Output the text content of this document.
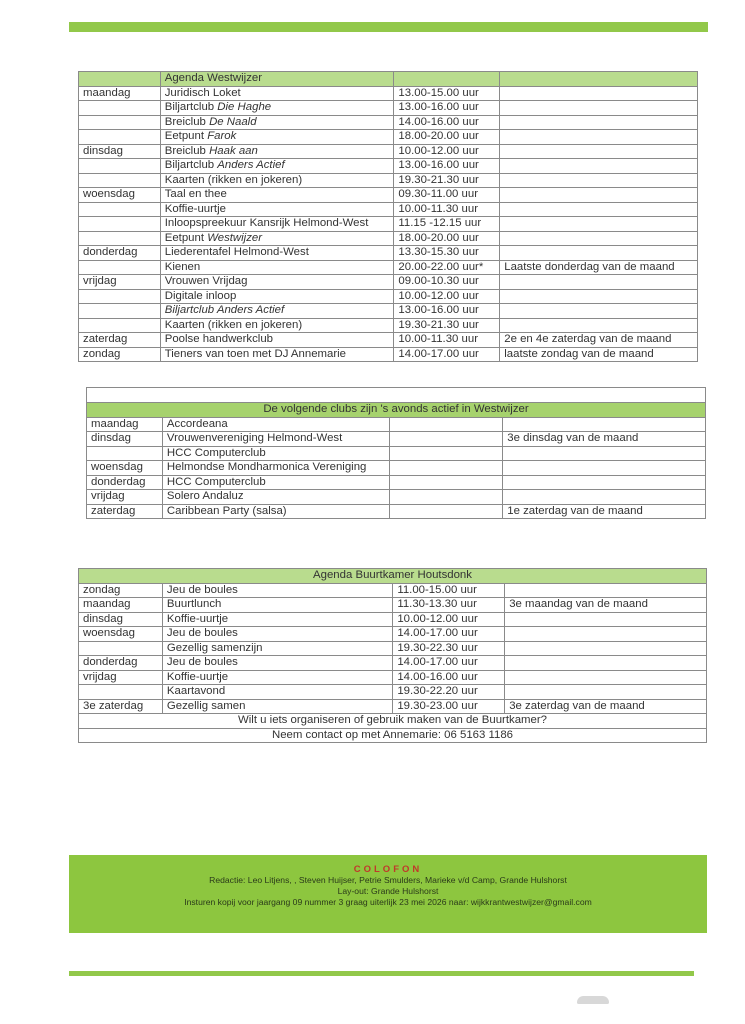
	Agenda Westwijzer		
maandag	Juridisch Loket	13.00-15.00 uur	
	Biljartclub Die Haghe	13.00-16.00 uur	
	Breiclub De Naald	14.00-16.00 uur	
	Eetpunt Farok	18.00-20.00 uur	
dinsdag	Breiclub Haak aan	10.00-12.00 uur	
	Biljartclub Anders Actief	13.00-16.00 uur	
	Kaarten (rikken en jokeren)	19.30-21.30 uur	
woensdag	Taal en thee	09.30-11.00 uur	
	Koffie-uurtje	10.00-11.30 uur	
	Inloopspreekuur Kansrijk Helmond-West	11.15 -12.15 uur	
	Eetpunt Westwijzer	18.00-20.00 uur	
donderdag	Liederentafel Helmond-West	13.30-15.30 uur	
	Kienen	20.00-22.00 uur*	Laatste donderdag van de maand
vrijdag	Vrouwen Vrijdag	09.00-10.30 uur	
	Digitale inloop	10.00-12.00 uur	
	Biljartclub Anders Actief	13.00-16.00 uur	
	Kaarten (rikken en jokeren)	19.30-21.30 uur	
zaterdag	Poolse handwerkclub	10.00-11.30 uur	2e en 4e zaterdag van de maand
zondag	Tieners van toen met DJ Annemarie	14.00-17.00 uur	laatste zondag van de maand

De volgende clubs zijn 's avonds actief in Westwijzer			
maandag	Accordeana		
dinsdag	Vrouwenvereniging Helmond-West		3e dinsdag van de maand
	HCC Computerclub		
woensdag	Helmondse Mondharmonica Vereniging		
donderdag	HCC Computerclub		
vrijdag	Solero Andaluz		
zaterdag	Caribbean Party (salsa)		1e zaterdag van de maand
Agenda Buurtkamer Houtsdonk			
zondag	Jeu de boules	11.00-15.00 uur	
maandag	Buurtlunch	11.30-13.30 uur	3e maandag van de maand
dinsdag	Koffie-uurtje	10.00-12.00 uur	
woensdag	Jeu de boules	14.00-17.00 uur	
	Gezellig samenzijn	19.30-22.30 uur	
donderdag	Jeu de boules	14.00-17.00 uur	
vrijdag	Koffie-uurtje	14.00-16.00 uur	
	Kaartavond	19.30-22.20 uur	
3e zaterdag	Gezellig samen	19.30-23.00 uur	3e zaterdag van de maand
Wilt u iets organiseren of gebruik maken van de Buurtkamer?			
Neem contact op met Annemarie: 06 5163 1186			
COLOFON
Redactie: Leo Litjens, , Steven Huijser, Petrie Smulders, Marieke v/d Camp, Grande Hulshorst
Lay-out: Grande Hulshorst
Insturen kopij voor jaargang 09 nummer 3 graag uiterlijk 23 mei 2026 naar: wijkkrantwestwijzer@gmail.com
